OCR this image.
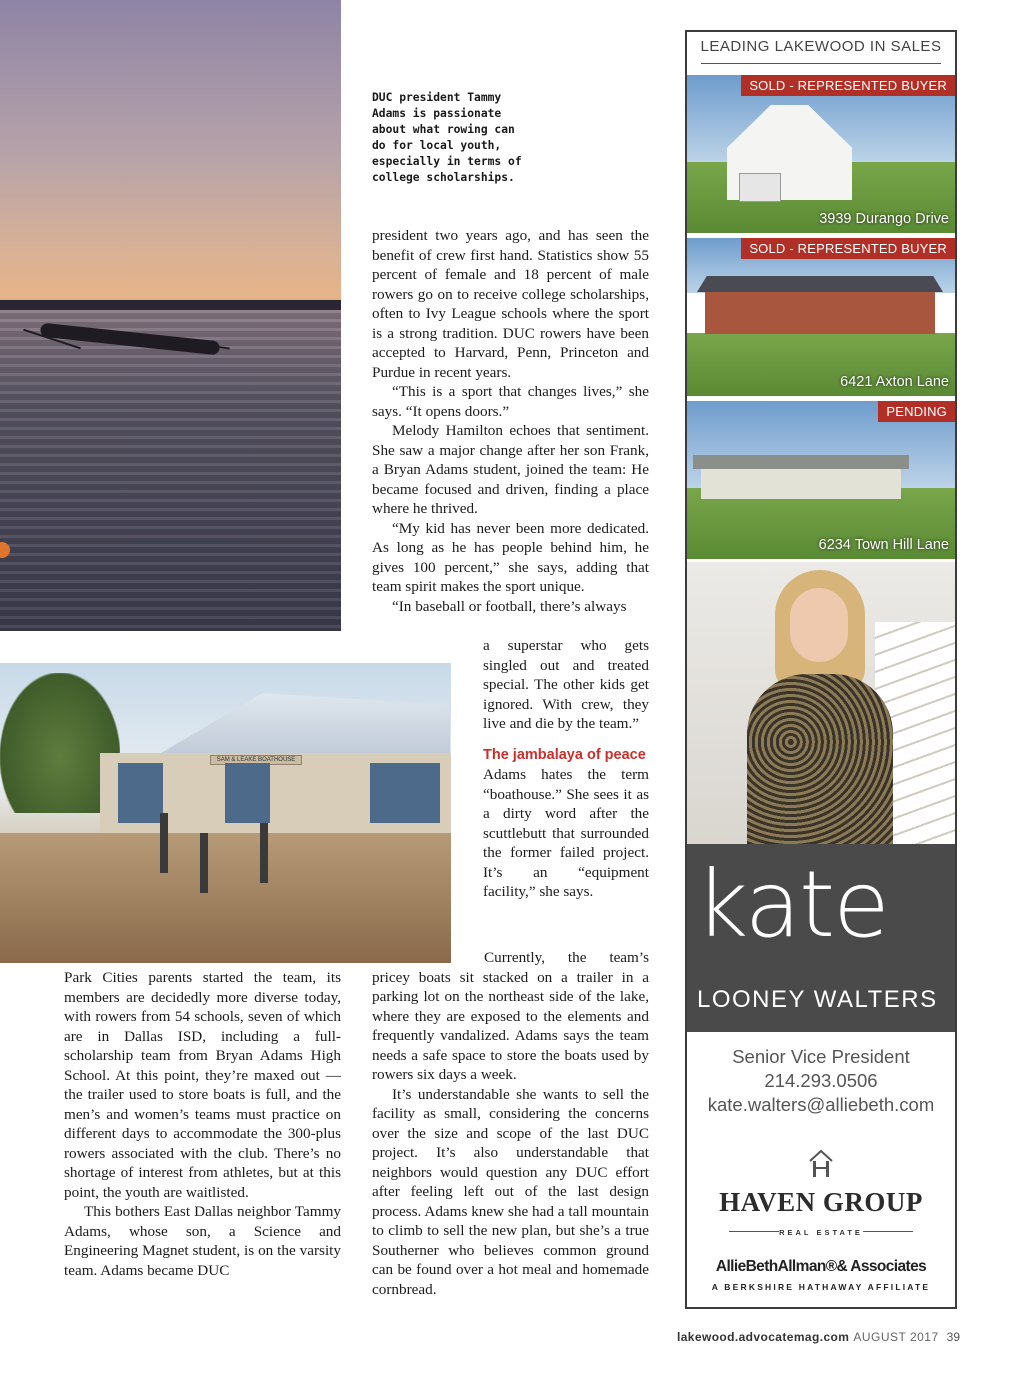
DUC president Tammy Adams is passionate about what rowing can do for local youth, especially in terms of college scholarships.
SAM & LEAKE BOATHOUSE

Park Cities parents started the team, its members are decidedly more diverse today, with rowers from 54 schools, seven of which are in Dallas ISD, including a full-scholarship team from Bryan Adams High School. At this point, they’re maxed out — the trailer used to store boats is full, and the men’s and women’s teams must practice on different days to accommodate the 300-plus rowers associated with the club. There’s no shortage of interest from athletes, but at this point, the youth are waitlisted.

This bothers East Dallas neighbor Tammy Adams, whose son, a Science and Engineering Magnet student, is on the varsity team. Adams became DUC

president two years ago, and has seen the benefit of crew first hand. Statistics show 55 percent of female and 18 percent of male rowers go on to receive college scholarships, often to Ivy League schools where the sport is a strong tradition. DUC rowers have been accepted to Harvard, Penn, Princeton and Purdue in recent years.

“This is a sport that changes lives,” she says. “It opens doors.”

Melody Hamilton echoes that sentiment. She saw a major change after her son Frank, a Bryan Adams student, joined the team: He became focused and driven, finding a place where he thrived.

“My kid has never been more dedicated. As long as he has people behind him, he gives 100 percent,” she says, adding that team spirit makes the sport unique.

“In baseball or football, there’s always

a superstar who gets singled out and treated special. The other kids get ignored. With crew, they live and die by the team.”

The jambalaya of peace

Adams hates the term “boathouse.” She sees it as a dirty word after the scuttlebutt that surrounded the former failed project. It’s an “equipment facility,” she says.

Currently, the team’s pricey boats sit stacked on a trailer in a parking lot on the northeast side of the lake, where they are exposed to the elements and frequently vandalized. Adams says the team needs a safe space to store the boats used by rowers six days a week.

It’s understandable she wants to sell the facility as small, considering the concerns over the size and scope of the last DUC project. It’s also understandable that neighbors would question any DUC effort after feeling left out of the last design process. Adams knew she had a tall mountain to climb to sell the new plan, but she’s a true Southerner who believes common ground can be found over a hot meal and homemade cornbread.

LEADING LAKEWOOD IN SALES
SOLD - REPRESENTED BUYER
3939 Durango Drive
SOLD - REPRESENTED BUYER
6421 Axton Lane
PENDING
6234 Town Hill Lane
kate
LOONEY WALTERS
Senior Vice President
214.293.0506
kate.walters@alliebeth.com
HAVEN GROUP
REAL ESTATE
AllieBethAllman®& Associates
A BERKSHIRE HATHAWAY AFFILIATE
lakewood.advocatemag.com AUGUST 2017 39
